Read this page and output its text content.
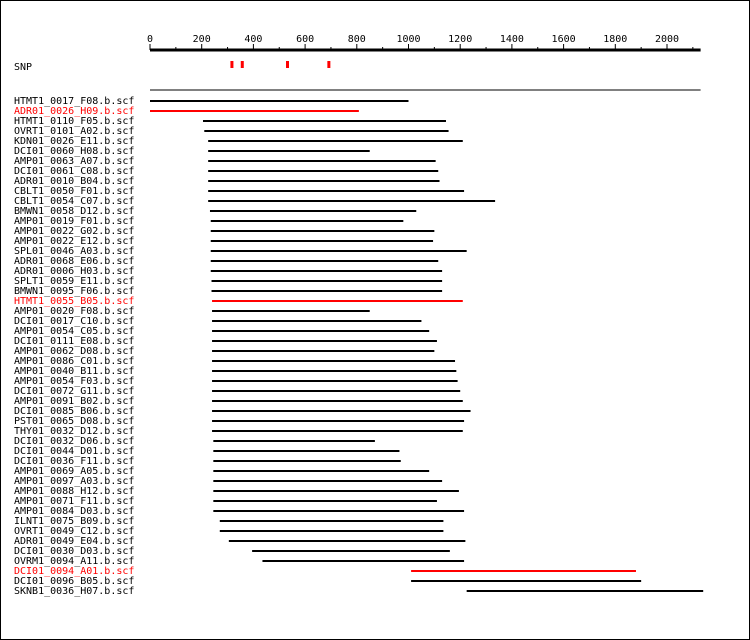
0	200	400	600	800	1000	1200	1400	1600	1800	2000
SNP
HTMT1_0017_F08.b.scf
ADR01_0026_H09.b.scf
HTMT1_0110_F05.b.scf
OVRT1_0101_A02.b.scf
KDN01_0026_E11.b.scf
DCI01_0060_H08.b.scf
AMP01_0063_A07.b.scf
DCI01_0061_C08.b.scf
ADR01_0010_B04.b.scf
CBLT1_0050_F01.b.scf
CBLT1_0054_C07.b.scf
BMWN1_0058_D12.b.scf
AMP01_0019_F01.b.scf
AMP01_0022_G02.b.scf
AMP01_0022_E12.b.scf
SPL01_0046_A03.b.scf
ADR01_0068_E06.b.scf
ADR01_0006_H03.b.scf
SPLT1_0059_E11.b.scf
BMWN1_0095_F06.b.scf
HTMT1_0055_B05.b.scf
AMP01_0020_F08.b.scf
DCI01_0017_C10.b.scf
AMP01_0054_C05.b.scf
DCI01_0111_E08.b.scf
AMP01_0062_D08.b.scf
AMP01_0086_C01.b.scf
AMP01_0040_B11.b.scf
AMP01_0054_F03.b.scf
DCI01_0072_G11.b.scf
AMP01_0091_B02.b.scf
DCI01_0085_B06.b.scf
PST01_0065_D08.b.scf
THY01_0032_D12.b.scf
DCI01_0032_D06.b.scf
DCI01_0044_D01.b.scf
DCI01_0036_F11.b.scf
AMP01_0069_A05.b.scf
AMP01_0097_A03.b.scf
AMP01_0088_H12.b.scf
AMP01_0071_F11.b.scf
AMP01_0084_D03.b.scf
ILNT1_0075_B09.b.scf
OVRT1_0049_C12.b.scf
ADR01_0049_E04.b.scf
DCI01_0030_D03.b.scf
OVRM1_0094_A11.b.scf
DCI01_0094_A01.b.scf
DCI01_0096_B05.b.scf
SKNB1_0036_H07.b.scf
